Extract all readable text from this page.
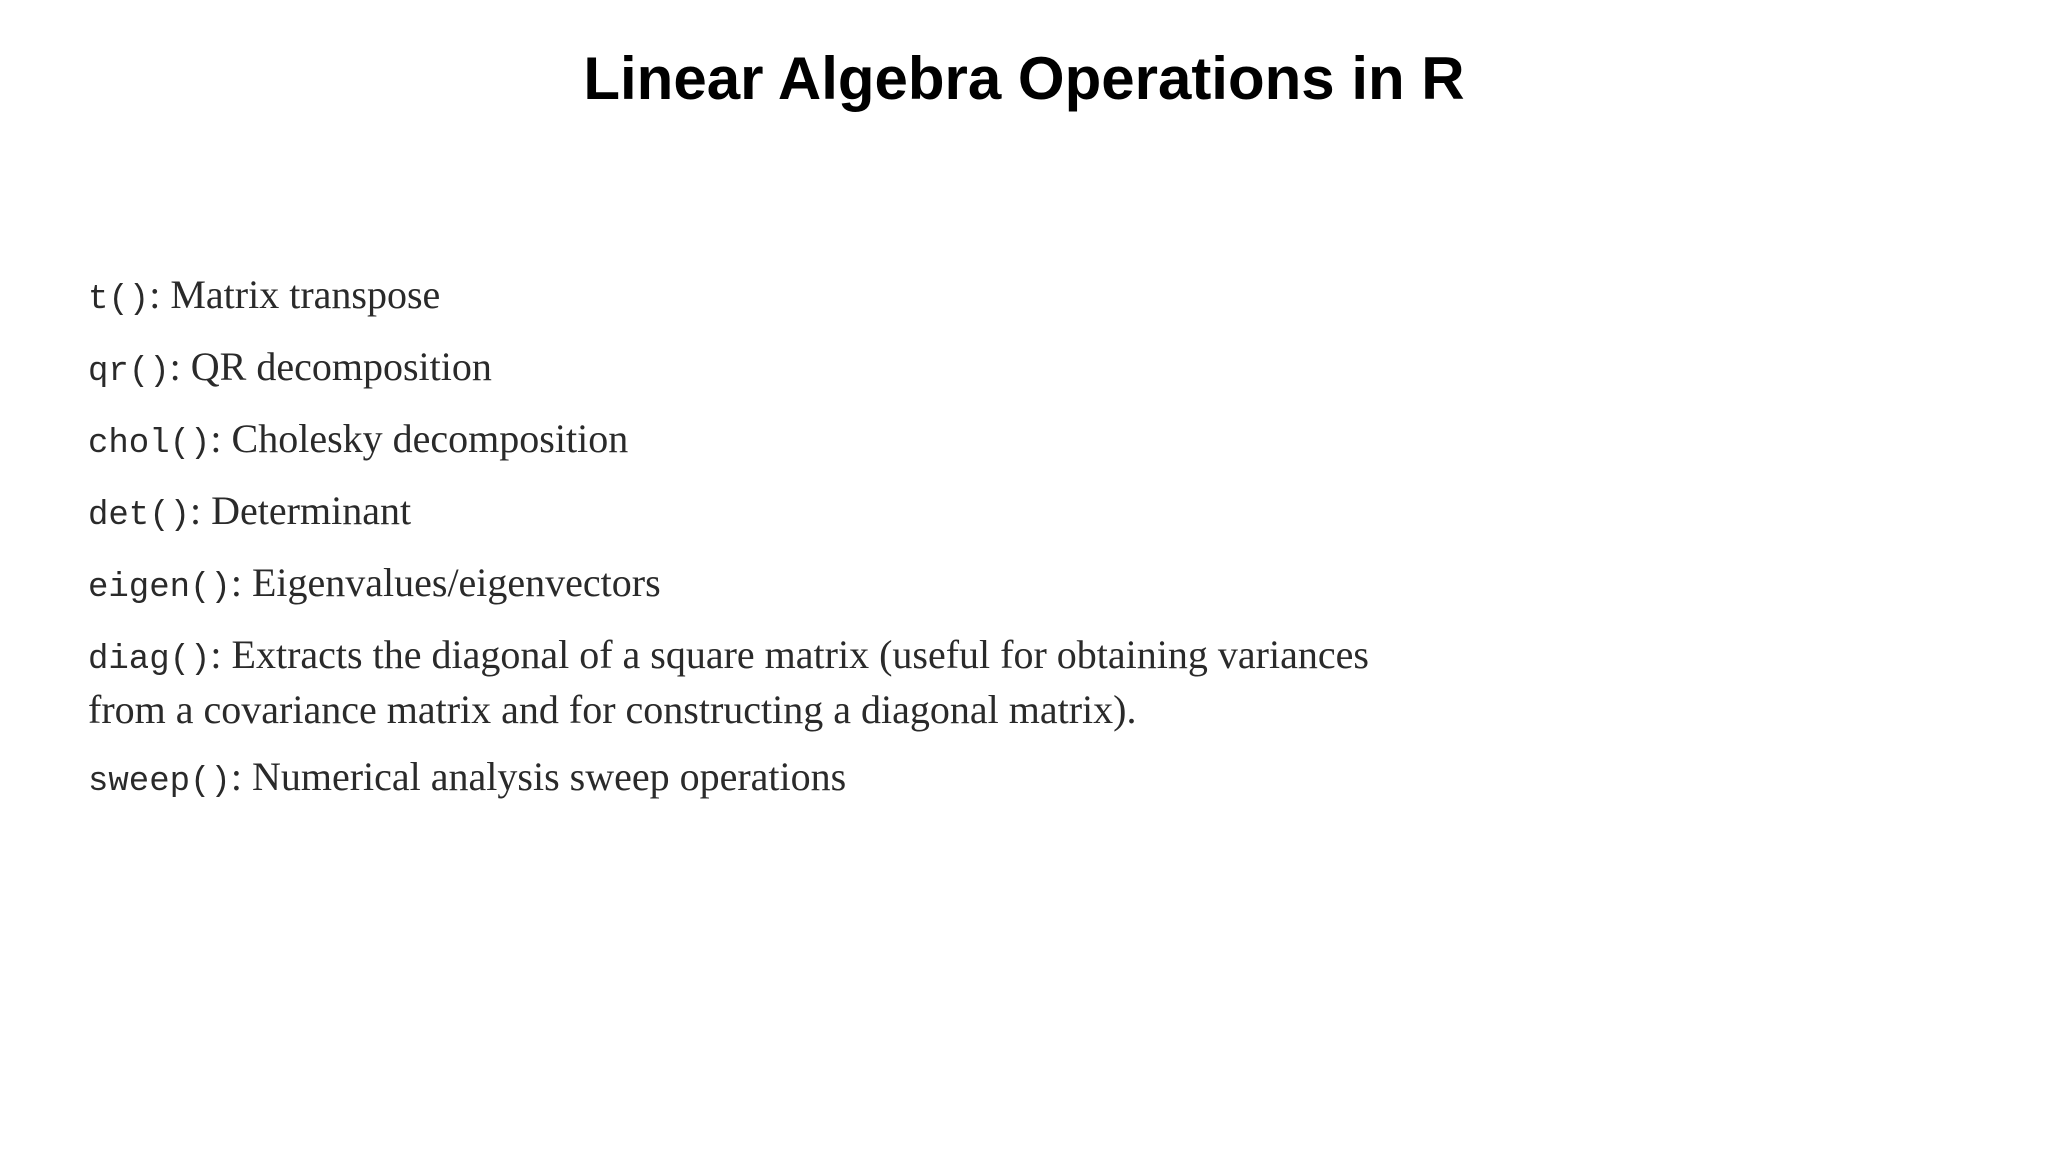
Linear Algebra Operations in R
t(): Matrix transpose
qr(): QR decomposition
chol(): Cholesky decomposition
det(): Determinant
eigen(): Eigenvalues/eigenvectors
diag(): Extracts the diagonal of a square matrix (useful for obtaining variances from a covariance matrix and for constructing a diagonal matrix).
sweep(): Numerical analysis sweep operations
